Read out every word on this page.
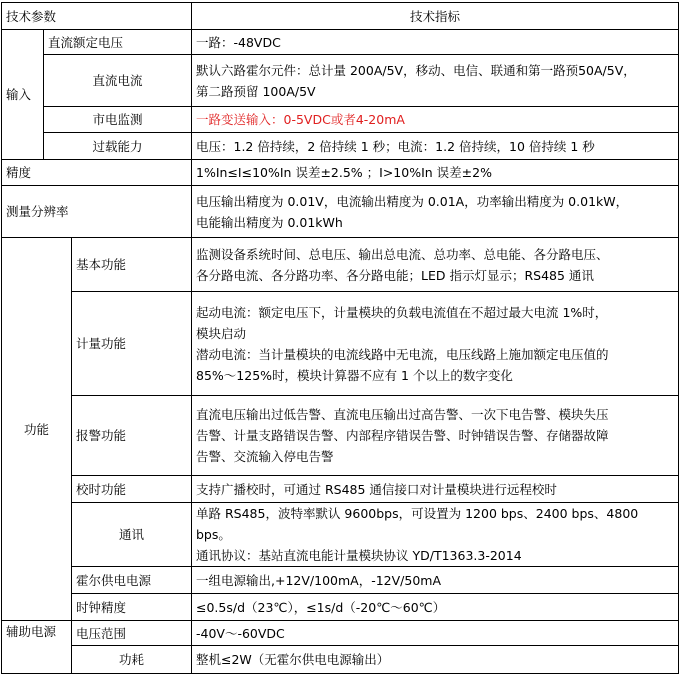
技术参数			技术指标
输入	直流额定电压		一路：-48VDC

	直流电流		默认六路霍尔元件：总计量 200A/5V，移动、电信、联通和第一路预50A/5V，
第二路预留 100A/5V

	市电监测		一路变送输入：0-5VDC或者4-20mA

	过载能力		电压：1.2 倍持续，2 倍持续 1 秒；电流：1.2 倍持续，10 倍持续 1 秒

精度			1%In≤I≤10%In 误差±2.5% ；I>10%In 误差±2%

测量分辨率			电压输出精度为 0.01V，电流输出精度为 0.01A，功率输出精度为 0.01kW，
电能输出精度为 0.01kWh

功能		基本功能	监测设备系统时间、总电压、输出总电流、总功率、总电能、各分路电压、
各分路电流、各分路功率、各分路电能；LED 指示灯显示；RS485 通讯

		计量功能	起动电流：额定电压下，计量模块的负载电流值在不超过最大电流 1%时，
模块启动
潜动电流：当计量模块的电流线路中无电流，电压线路上施加额定电压值的
85%～125%时，模块计算器不应有 1 个以上的数字变化

		报警功能	直流电压输出过低告警、直流电压输出过高告警、一次下电告警、模块失压
告警、计量支路错误告警、内部程序错误告警、时钟错误告警、存储器故障
告警、交流输入停电告警

		校时功能	支持广播校时，可通过 RS485 通信接口对计量模块进行远程校时

		通讯	单路 RS485，波特率默认 9600bps，可设置为 1200 bps、2400 bps、4800 bps。
通讯协议：基站直流电能计量模块协议 YD/T1363.3-2014

		霍尔供电电源	一组电源输出,+12V/100mA，-12V/50mA

		时钟精度	≤0.5s/d（23℃），≤1s/d（-20℃～60℃）

辅助电源		电压范围	-40V～-60VDC

		功耗	整机≤2W（无霍尔供电电源输出）
